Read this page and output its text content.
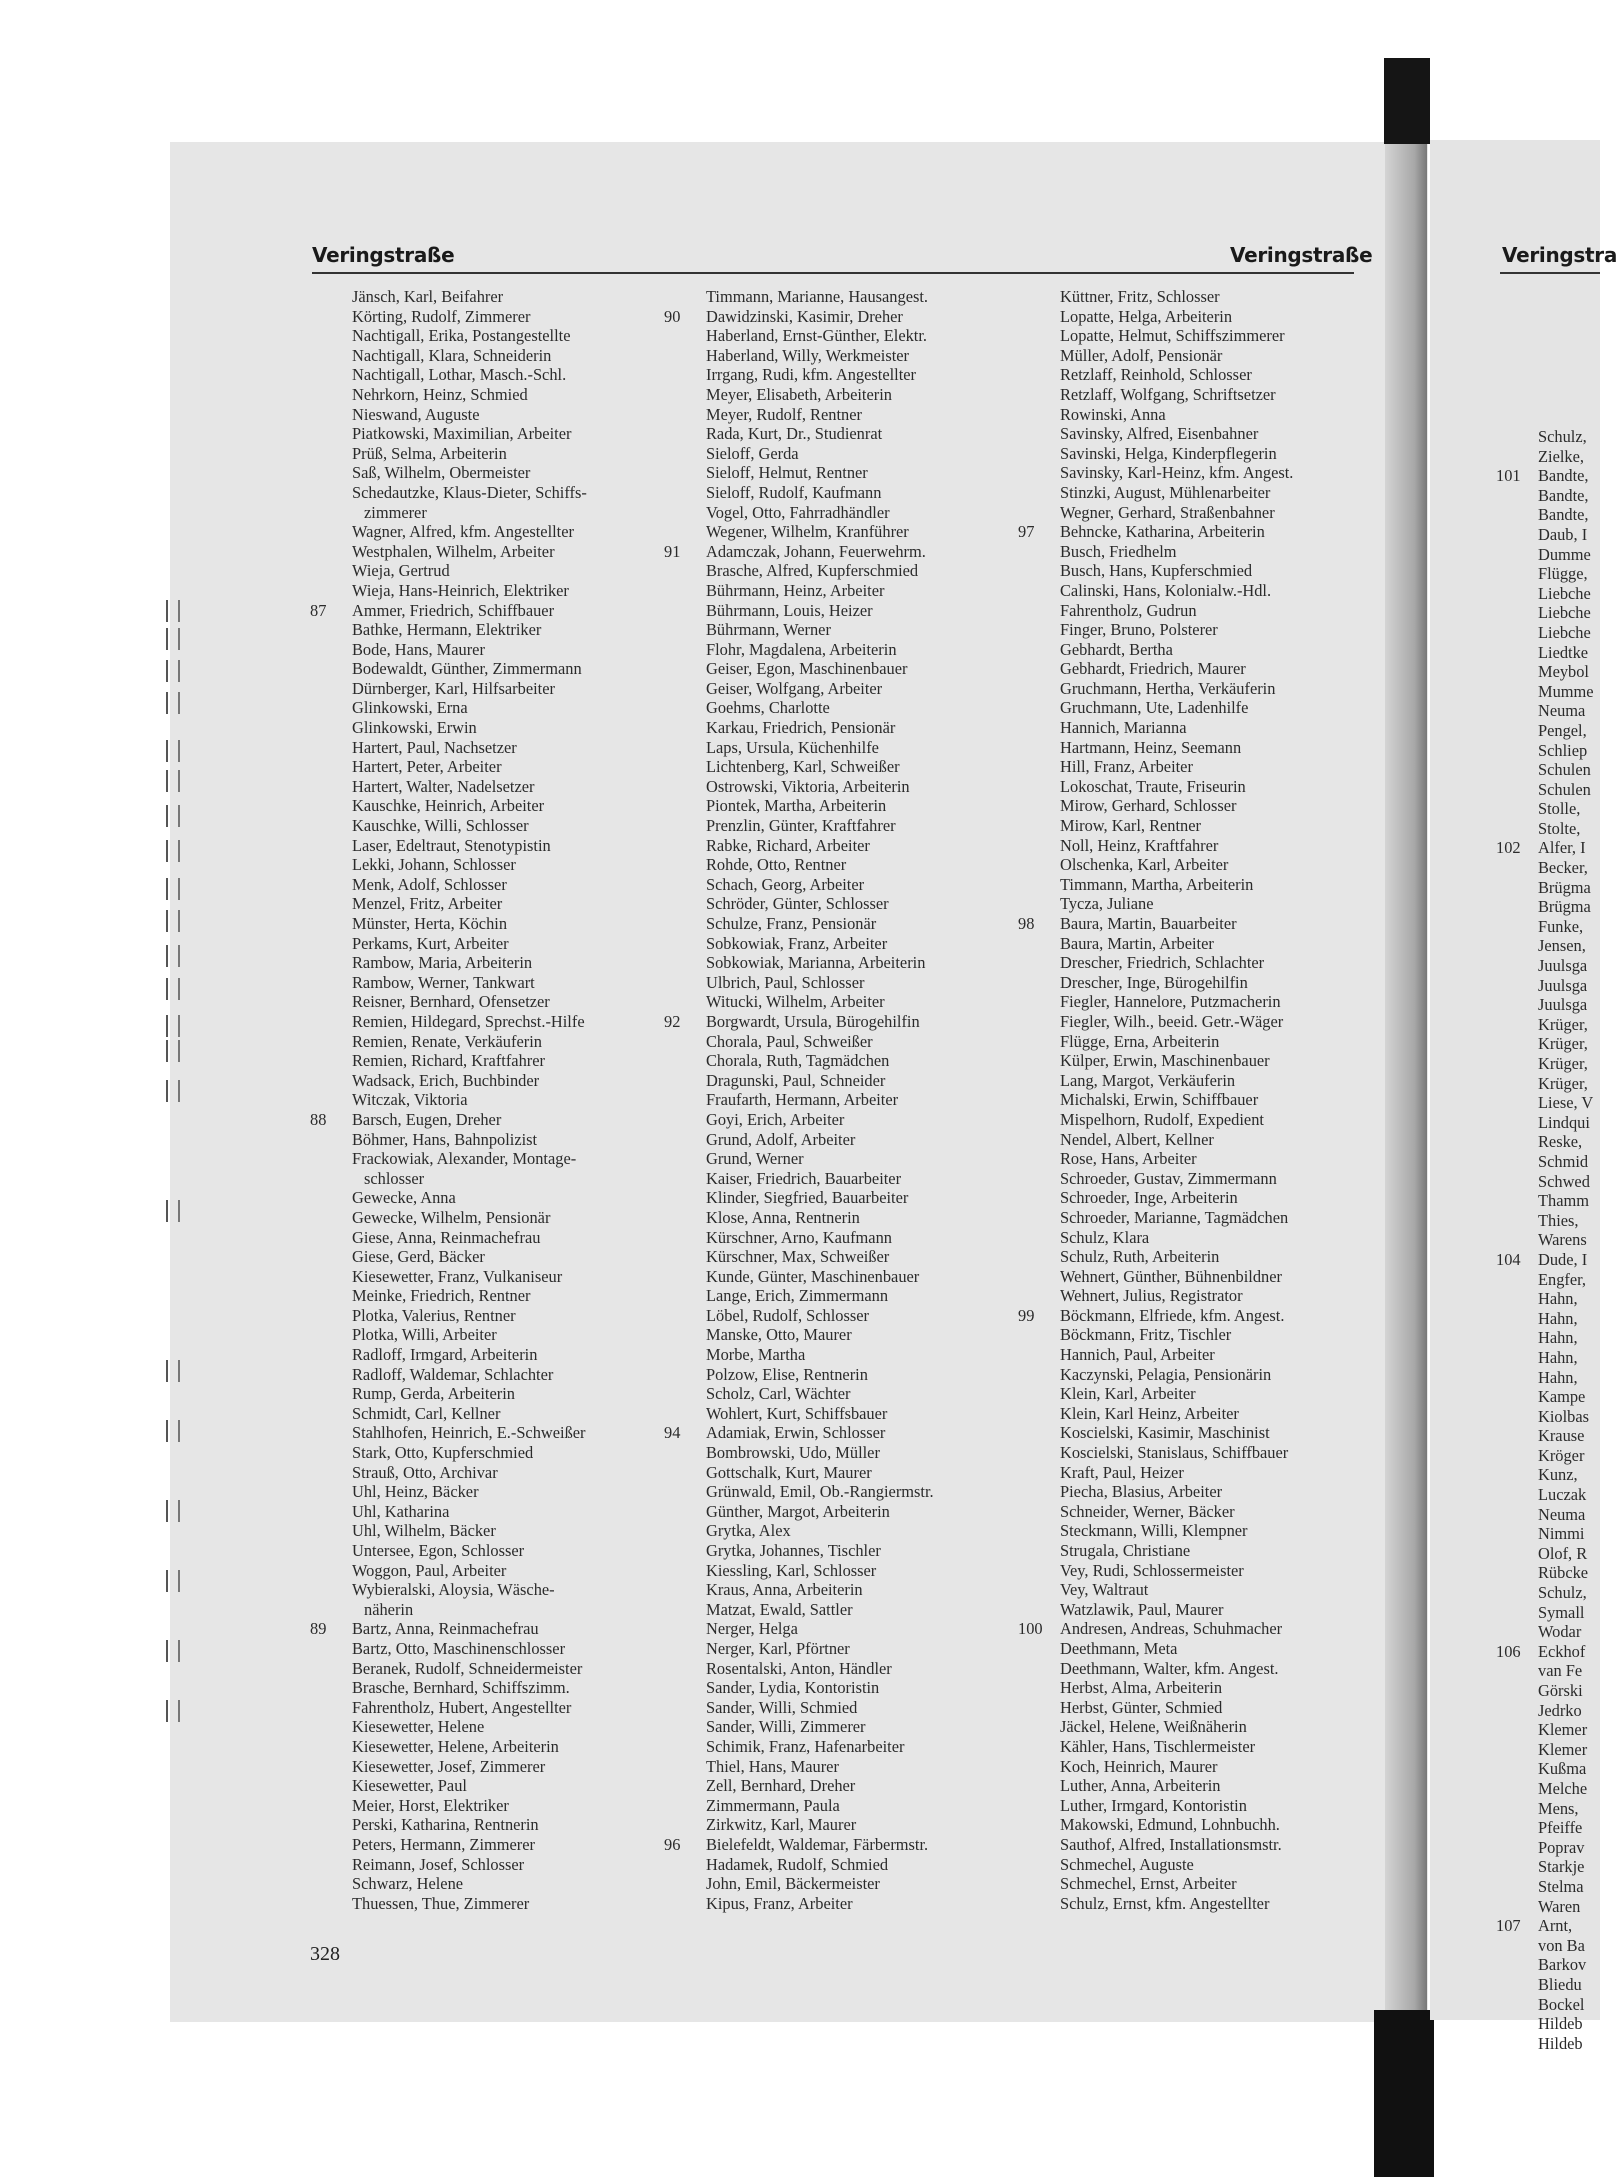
Veringstraße	Veringstraße	Veringstra
Jänsch, Karl, Beifahrer
Körting, Rudolf, Zimmerer
Nachtigall, Erika, Postangestellte
Nachtigall, Klara, Schneiderin
Nachtigall, Lothar, Masch.-Schl.
Nehrkorn, Heinz, Schmied
Nieswand, Auguste
Piatkowski, Maximilian, Arbeiter
Prüß, Selma, Arbeiterin
Saß, Wilhelm, Obermeister
Schedautzke, Klaus-Dieter, Schiffs-
zimmerer
Wagner, Alfred, kfm. Angestellter
Westphalen, Wilhelm, Arbeiter
Wieja, Gertrud
Wieja, Hans-Heinrich, Elektriker
87	Ammer, Friedrich, Schiffbauer
Bathke, Hermann, Elektriker
Bode, Hans, Maurer
Bodewaldt, Günther, Zimmermann
Dürnberger, Karl, Hilfsarbeiter
Glinkowski, Erna
Glinkowski, Erwin
Hartert, Paul, Nachsetzer
Hartert, Peter, Arbeiter
Hartert, Walter, Nadelsetzer
Kauschke, Heinrich, Arbeiter
Kauschke, Willi, Schlosser
Laser, Edeltraut, Stenotypistin
Lekki, Johann, Schlosser
Menk, Adolf, Schlosser
Menzel, Fritz, Arbeiter
Münster, Herta, Köchin
Perkams, Kurt, Arbeiter
Rambow, Maria, Arbeiterin
Rambow, Werner, Tankwart
Reisner, Bernhard, Ofensetzer
Remien, Hildegard, Sprechst.-Hilfe
Remien, Renate, Verkäuferin
Remien, Richard, Kraftfahrer
Wadsack, Erich, Buchbinder
Witczak, Viktoria
88	Barsch, Eugen, Dreher
Böhmer, Hans, Bahnpolizist
Frackowiak, Alexander, Montage-
schlosser
Gewecke, Anna
Gewecke, Wilhelm, Pensionär
Giese, Anna, Reinmachefrau
Giese, Gerd, Bäcker
Kiesewetter, Franz, Vulkaniseur
Meinke, Friedrich, Rentner
Plotka, Valerius, Rentner
Plotka, Willi, Arbeiter
Radloff, Irmgard, Arbeiterin
Radloff, Waldemar, Schlachter
Rump, Gerda, Arbeiterin
Schmidt, Carl, Kellner
Stahlhofen, Heinrich, E.-Schweißer
Stark, Otto, Kupferschmied
Strauß, Otto, Archivar
Uhl, Heinz, Bäcker
Uhl, Katharina
Uhl, Wilhelm, Bäcker
Untersee, Egon, Schlosser
Woggon, Paul, Arbeiter
Wybieralski, Aloysia, Wäsche-
näherin
89	Bartz, Anna, Reinmachefrau
Bartz, Otto, Maschinenschlosser
Beranek, Rudolf, Schneidermeister
Brasche, Bernhard, Schiffszimm.
Fahrentholz, Hubert, Angestellter
Kiesewetter, Helene
Kiesewetter, Helene, Arbeiterin
Kiesewetter, Josef, Zimmerer
Kiesewetter, Paul
Meier, Horst, Elektriker
Perski, Katharina, Rentnerin
Peters, Hermann, Zimmerer
Reimann, Josef, Schlosser
Schwarz, Helene
Thuessen, Thue, Zimmerer
Timmann, Marianne, Hausangest.
90	Dawidzinski, Kasimir, Dreher
Haberland, Ernst-Günther, Elektr.
Haberland, Willy, Werkmeister
Irrgang, Rudi, kfm. Angestellter
Meyer, Elisabeth, Arbeiterin
Meyer, Rudolf, Rentner
Rada, Kurt, Dr., Studienrat
Sieloff, Gerda
Sieloff, Helmut, Rentner
Sieloff, Rudolf, Kaufmann
Vogel, Otto, Fahrradhändler
Wegener, Wilhelm, Kranführer
91	Adamczak, Johann, Feuerwehrm.
Brasche, Alfred, Kupferschmied
Bührmann, Heinz, Arbeiter
Bührmann, Louis, Heizer
Bührmann, Werner
Flohr, Magdalena, Arbeiterin
Geiser, Egon, Maschinenbauer
Geiser, Wolfgang, Arbeiter
Goehms, Charlotte
Karkau, Friedrich, Pensionär
Laps, Ursula, Küchenhilfe
Lichtenberg, Karl, Schweißer
Ostrowski, Viktoria, Arbeiterin
Piontek, Martha, Arbeiterin
Prenzlin, Günter, Kraftfahrer
Rabke, Richard, Arbeiter
Rohde, Otto, Rentner
Schach, Georg, Arbeiter
Schröder, Günter, Schlosser
Schulze, Franz, Pensionär
Sobkowiak, Franz, Arbeiter
Sobkowiak, Marianna, Arbeiterin
Ulbrich, Paul, Schlosser
Witucki, Wilhelm, Arbeiter
92	Borgwardt, Ursula, Bürogehilfin
Chorala, Paul, Schweißer
Chorala, Ruth, Tagmädchen
Dragunski, Paul, Schneider
Fraufarth, Hermann, Arbeiter
Goyi, Erich, Arbeiter
Grund, Adolf, Arbeiter
Grund, Werner
Kaiser, Friedrich, Bauarbeiter
Klinder, Siegfried, Bauarbeiter
Klose, Anna, Rentnerin
Kürschner, Arno, Kaufmann
Kürschner, Max, Schweißer
Kunde, Günter, Maschinenbauer
Lange, Erich, Zimmermann
Löbel, Rudolf, Schlosser
Manske, Otto, Maurer
Morbe, Martha
Polzow, Elise, Rentnerin
Scholz, Carl, Wächter
Wohlert, Kurt, Schiffsbauer
94	Adamiak, Erwin, Schlosser
Bombrowski, Udo, Müller
Gottschalk, Kurt, Maurer
Grünwald, Emil, Ob.-Rangiermstr.
Günther, Margot, Arbeiterin
Grytka, Alex
Grytka, Johannes, Tischler
Kiessling, Karl, Schlosser
Kraus, Anna, Arbeiterin
Matzat, Ewald, Sattler
Nerger, Helga
Nerger, Karl, Pförtner
Rosentalski, Anton, Händler
Sander, Lydia, Kontoristin
Sander, Willi, Schmied
Sander, Willi, Zimmerer
Schimik, Franz, Hafenarbeiter
Thiel, Hans, Maurer
Zell, Bernhard, Dreher
Zimmermann, Paula
Zirkwitz, Karl, Maurer
96	Bielefeldt, Waldemar, Färbermstr.
Hadamek, Rudolf, Schmied
John, Emil, Bäckermeister
Kipus, Franz, Arbeiter
Küttner, Fritz, Schlosser
Lopatte, Helga, Arbeiterin
Lopatte, Helmut, Schiffszimmerer
Müller, Adolf, Pensionär
Retzlaff, Reinhold, Schlosser
Retzlaff, Wolfgang, Schriftsetzer
Rowinski, Anna
Savinsky, Alfred, Eisenbahner
Savinski, Helga, Kinderpflegerin
Savinsky, Karl-Heinz, kfm. Angest.
Stinzki, August, Mühlenarbeiter
Wegner, Gerhard, Straßenbahner
97	Behncke, Katharina, Arbeiterin
Busch, Friedhelm
Busch, Hans, Kupferschmied
Calinski, Hans, Kolonialw.-Hdl.
Fahrentholz, Gudrun
Finger, Bruno, Polsterer
Gebhardt, Bertha
Gebhardt, Friedrich, Maurer
Gruchmann, Hertha, Verkäuferin
Gruchmann, Ute, Ladenhilfe
Hannich, Marianna
Hartmann, Heinz, Seemann
Hill, Franz, Arbeiter
Lokoschat, Traute, Friseurin
Mirow, Gerhard, Schlosser
Mirow, Karl, Rentner
Noll, Heinz, Kraftfahrer
Olschenka, Karl, Arbeiter
Timmann, Martha, Arbeiterin
Tycza, Juliane
98	Baura, Martin, Bauarbeiter
Baura, Martin, Arbeiter
Drescher, Friedrich, Schlachter
Drescher, Inge, Bürogehilfin
Fiegler, Hannelore, Putzmacherin
Fiegler, Wilh., beeid. Getr.-Wäger
Flügge, Erna, Arbeiterin
Külper, Erwin, Maschinenbauer
Lang, Margot, Verkäuferin
Michalski, Erwin, Schiffbauer
Mispelhorn, Rudolf, Expedient
Nendel, Albert, Kellner
Rose, Hans, Arbeiter
Schroeder, Gustav, Zimmermann
Schroeder, Inge, Arbeiterin
Schroeder, Marianne, Tagmädchen
Schulz, Klara
Schulz, Ruth, Arbeiterin
Wehnert, Günther, Bühnenbildner
Wehnert, Julius, Registrator
99	Böckmann, Elfriede, kfm. Angest.
Böckmann, Fritz, Tischler
Hannich, Paul, Arbeiter
Kaczynski, Pelagia, Pensionärin
Klein, Karl, Arbeiter
Klein, Karl Heinz, Arbeiter
Koscielski, Kasimir, Maschinist
Koscielski, Stanislaus, Schiffbauer
Kraft, Paul, Heizer
Piecha, Blasius, Arbeiter
Schneider, Werner, Bäcker
Steckmann, Willi, Klempner
Strugala, Christiane
Vey, Rudi, Schlossermeister
Vey, Waltraut
Watzlawik, Paul, Maurer
100	Andresen, Andreas, Schuhmacher
Deethmann, Meta
Deethmann, Walter, kfm. Angest.
Herbst, Alma, Arbeiterin
Herbst, Günter, Schmied
Jäckel, Helene, Weißnäherin
Kähler, Hans, Tischlermeister
Koch, Heinrich, Maurer
Luther, Anna, Arbeiterin
Luther, Irmgard, Kontoristin
Makowski, Edmund, Lohnbuchh.
Sauthof, Alfred, Installationsmstr.
Schmechel, Auguste
Schmechel, Ernst, Arbeiter
Schulz, Ernst, kfm. Angestellter
Schulz,
Zielke,
101	Bandte,
Bandte,
Bandte,
Daub, I
Dumme
Flügge,
Liebche
Liebche
Liebche
Liedtke
Meybol
Mumme
Neuma
Pengel,
Schliep
Schulen
Schulen
Stolle,
Stolte,
102	Alfer, I
Becker,
Brügma
Brügma
Funke,
Jensen,
Juulsga
Juulsga
Juulsga
Krüger,
Krüger,
Krüger,
Krüger,
Liese, V
Lindqui
Reske,
Schmid
Schwed
Thamm
Thies,
Warens
104	Dude, I
Engfer,
Hahn,
Hahn,
Hahn,
Hahn,
Hahn,
Kampe
Kiolbas
Krause
Kröger
Kunz,
Luczak
Neuma
Nimmi
Olof, R
Rübcke
Schulz,
Symall
Wodar
106	Eckhof
van Fe
Görski
Jedrko
Klemer
Klemer
Kußma
Melche
Mens,
Pfeiffe
Poprav
Starkje
Stelma
Waren
107	Arnt,
von Ba
Barkov
Bliedu
Bockel
Hildeb
Hildeb
328
